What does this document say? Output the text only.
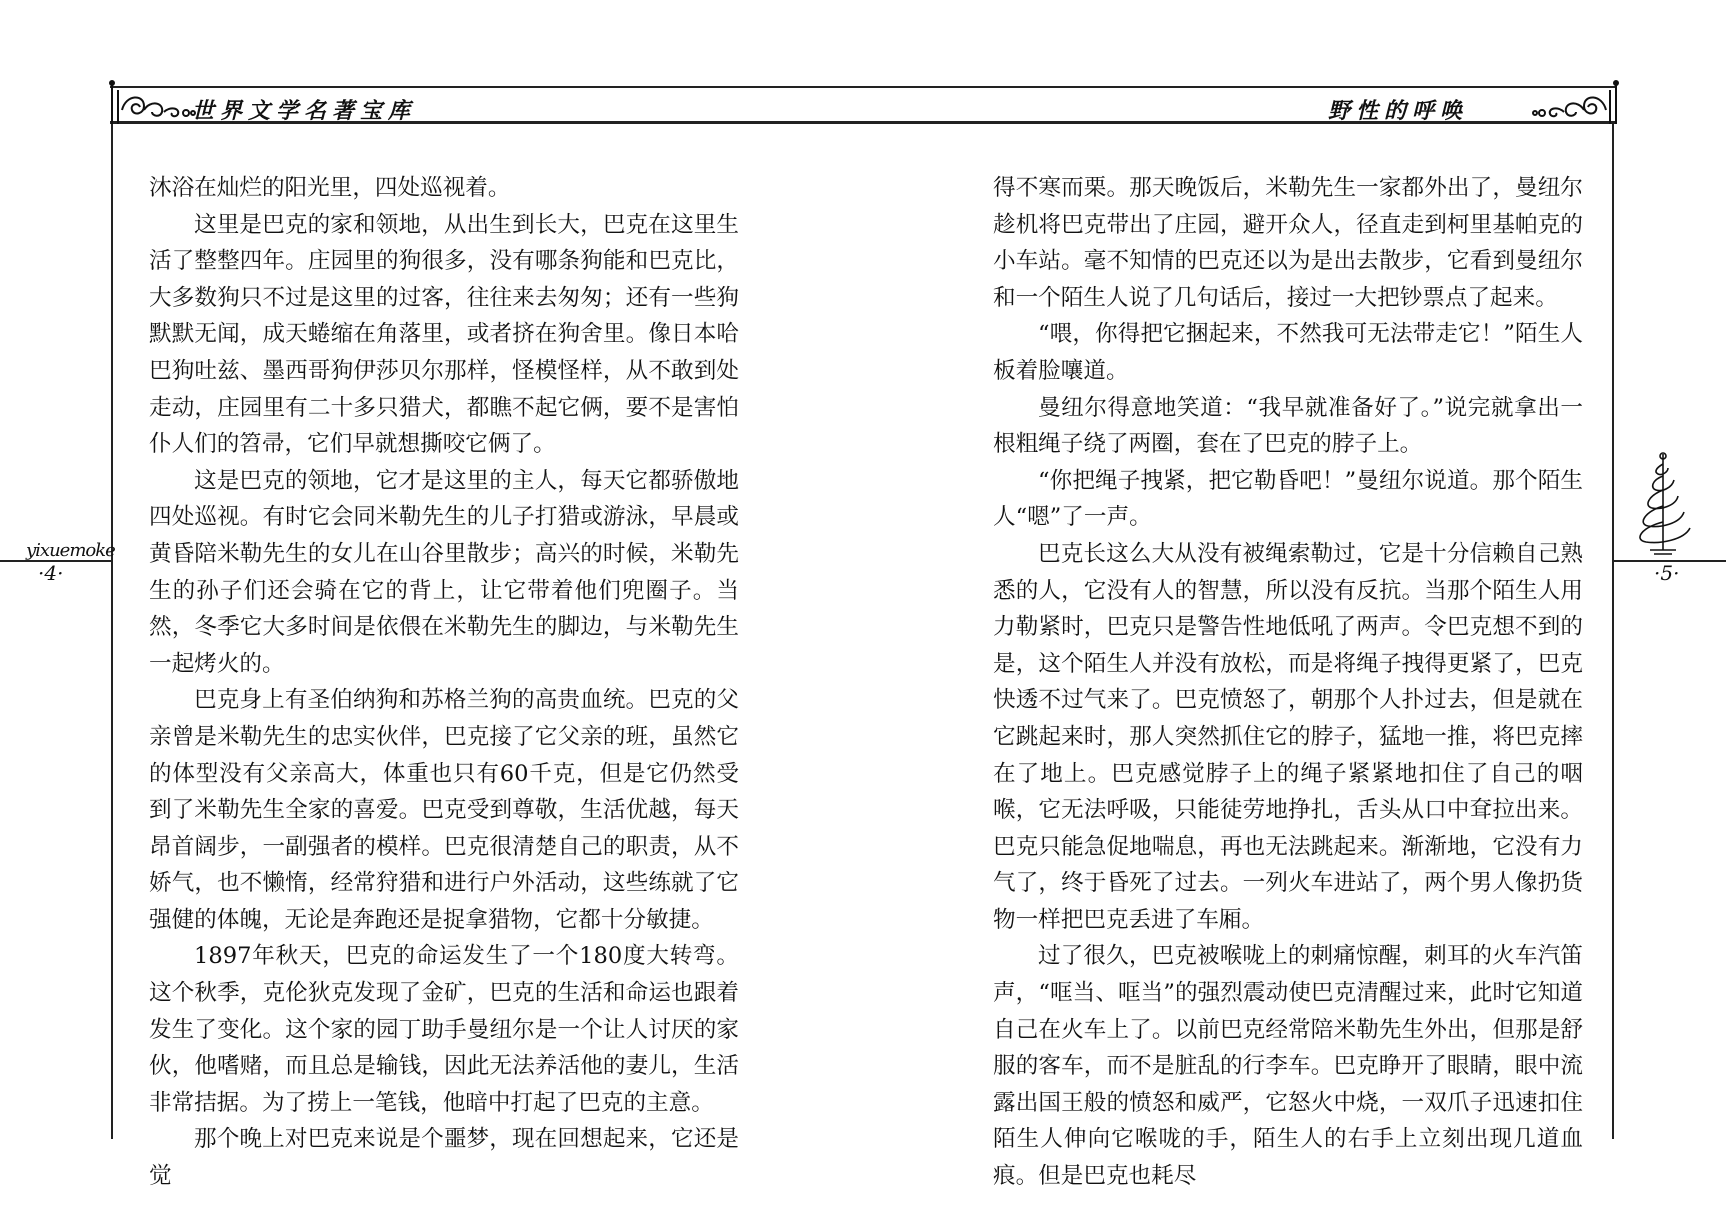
世界文学名著宝库	野性的呼唤
yixuemoke
·4·	·5·

沐浴在灿烂的阳光里，四处巡视着。

这里是巴克的家和领地，从出生到长大，巴克在这里生活了整整四年。庄园里的狗很多，没有哪条狗能和巴克比，大多数狗只不过是这里的过客，往往来去匆匆；还有一些狗默默无闻，成天蜷缩在角落里，或者挤在狗舍里。像日本哈巴狗吐兹、墨西哥狗伊莎贝尔那样，怪模怪样，从不敢到处走动，庄园里有二十多只猎犬，都瞧不起它俩，要不是害怕仆人们的笤帚，它们早就想撕咬它俩了。

这是巴克的领地，它才是这里的主人，每天它都骄傲地四处巡视。有时它会同米勒先生的儿子打猎或游泳，早晨或黄昏陪米勒先生的女儿在山谷里散步；高兴的时候，米勒先生的孙子们还会骑在它的背上，让它带着他们兜圈子。当然，冬季它大多时间是依偎在米勒先生的脚边，与米勒先生一起烤火的。

巴克身上有圣伯纳狗和苏格兰狗的高贵血统。巴克的父亲曾是米勒先生的忠实伙伴，巴克接了它父亲的班，虽然它的体型没有父亲高大，体重也只有60千克，但是它仍然受到了米勒先生全家的喜爱。巴克受到尊敬，生活优越，每天昂首阔步，一副强者的模样。巴克很清楚自己的职责，从不娇气，也不懒惰，经常狩猎和进行户外活动，这些练就了它强健的体魄，无论是奔跑还是捉拿猎物，它都十分敏捷。

1897年秋天，巴克的命运发生了一个180度大转弯。这个秋季，克伦狄克发现了金矿，巴克的生活和命运也跟着发生了变化。这个家的园丁助手曼纽尔是一个让人讨厌的家伙，他嗜赌，而且总是输钱，因此无法养活他的妻儿，生活非常拮据。为了捞上一笔钱，他暗中打起了巴克的主意。

那个晚上对巴克来说是个噩梦，现在回想起来，它还是觉

得不寒而栗。那天晚饭后，米勒先生一家都外出了，曼纽尔趁机将巴克带出了庄园，避开众人，径直走到柯里基帕克的小车站。毫不知情的巴克还以为是出去散步，它看到曼纽尔和一个陌生人说了几句话后，接过一大把钞票点了起来。

“喂，你得把它捆起来，不然我可无法带走它！”陌生人板着脸嚷道。

曼纽尔得意地笑道：“我早就准备好了。”说完就拿出一根粗绳子绕了两圈，套在了巴克的脖子上。

“你把绳子拽紧，把它勒昏吧！”曼纽尔说道。那个陌生人“嗯”了一声。

巴克长这么大从没有被绳索勒过，它是十分信赖自己熟悉的人，它没有人的智慧，所以没有反抗。当那个陌生人用力勒紧时，巴克只是警告性地低吼了两声。令巴克想不到的是，这个陌生人并没有放松，而是将绳子拽得更紧了，巴克快透不过气来了。巴克愤怒了，朝那个人扑过去，但是就在它跳起来时，那人突然抓住它的脖子，猛地一推，将巴克摔在了地上。巴克感觉脖子上的绳子紧紧地扣住了自己的咽喉，它无法呼吸，只能徒劳地挣扎，舌头从口中耷拉出来。巴克只能急促地喘息，再也无法跳起来。渐渐地，它没有力气了，终于昏死了过去。一列火车进站了，两个男人像扔货物一样把巴克丢进了车厢。

过了很久，巴克被喉咙上的刺痛惊醒，刺耳的火车汽笛声，“哐当、哐当”的强烈震动使巴克清醒过来，此时它知道自己在火车上了。以前巴克经常陪米勒先生外出，但那是舒服的客车，而不是脏乱的行李车。巴克睁开了眼睛，眼中流露出国王般的愤怒和威严，它怒火中烧，一双爪子迅速扣住陌生人伸向它喉咙的手，陌生人的右手上立刻出现几道血痕。但是巴克也耗尽
